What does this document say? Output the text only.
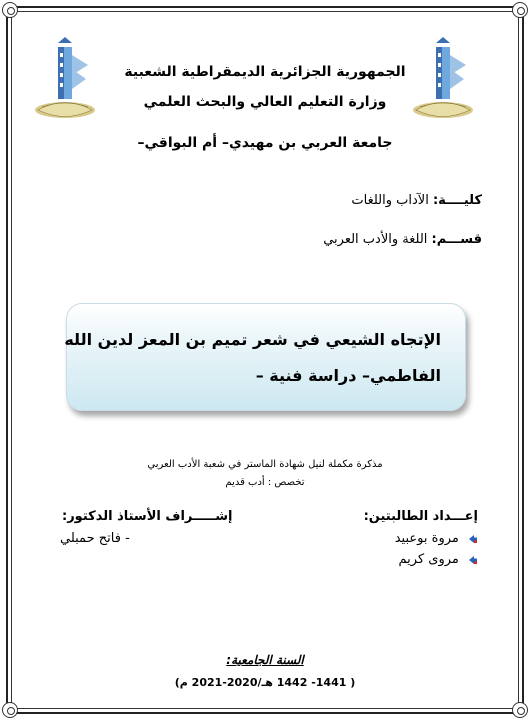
الجمهورية الجزائرية الديمقراطية الشعبية
وزارة التعليم العالي والبحث العلمي
جامعة العربي بن مهيدي– أم البواقي–
كليــــة: الآداب واللغات
قســـم: اللغة والأدب العربي
الإتجاه الشيعي في شعر تميم بن المعز لدين الله
الفاطمي– دراسة فنية –
مذكرة مكملة لنيل شهادة الماستر في شعبة الأدب العربي
تخصص : أدب قديم
إعـــداد الطالبتين:
إشـــــراف الأستاذ الدكتور:
مروة بوعبيد
مروى كريم
- فاتح حمبلي
السنة الجامعية:
( 1441- 1442 هـ/2020-2021 م)
